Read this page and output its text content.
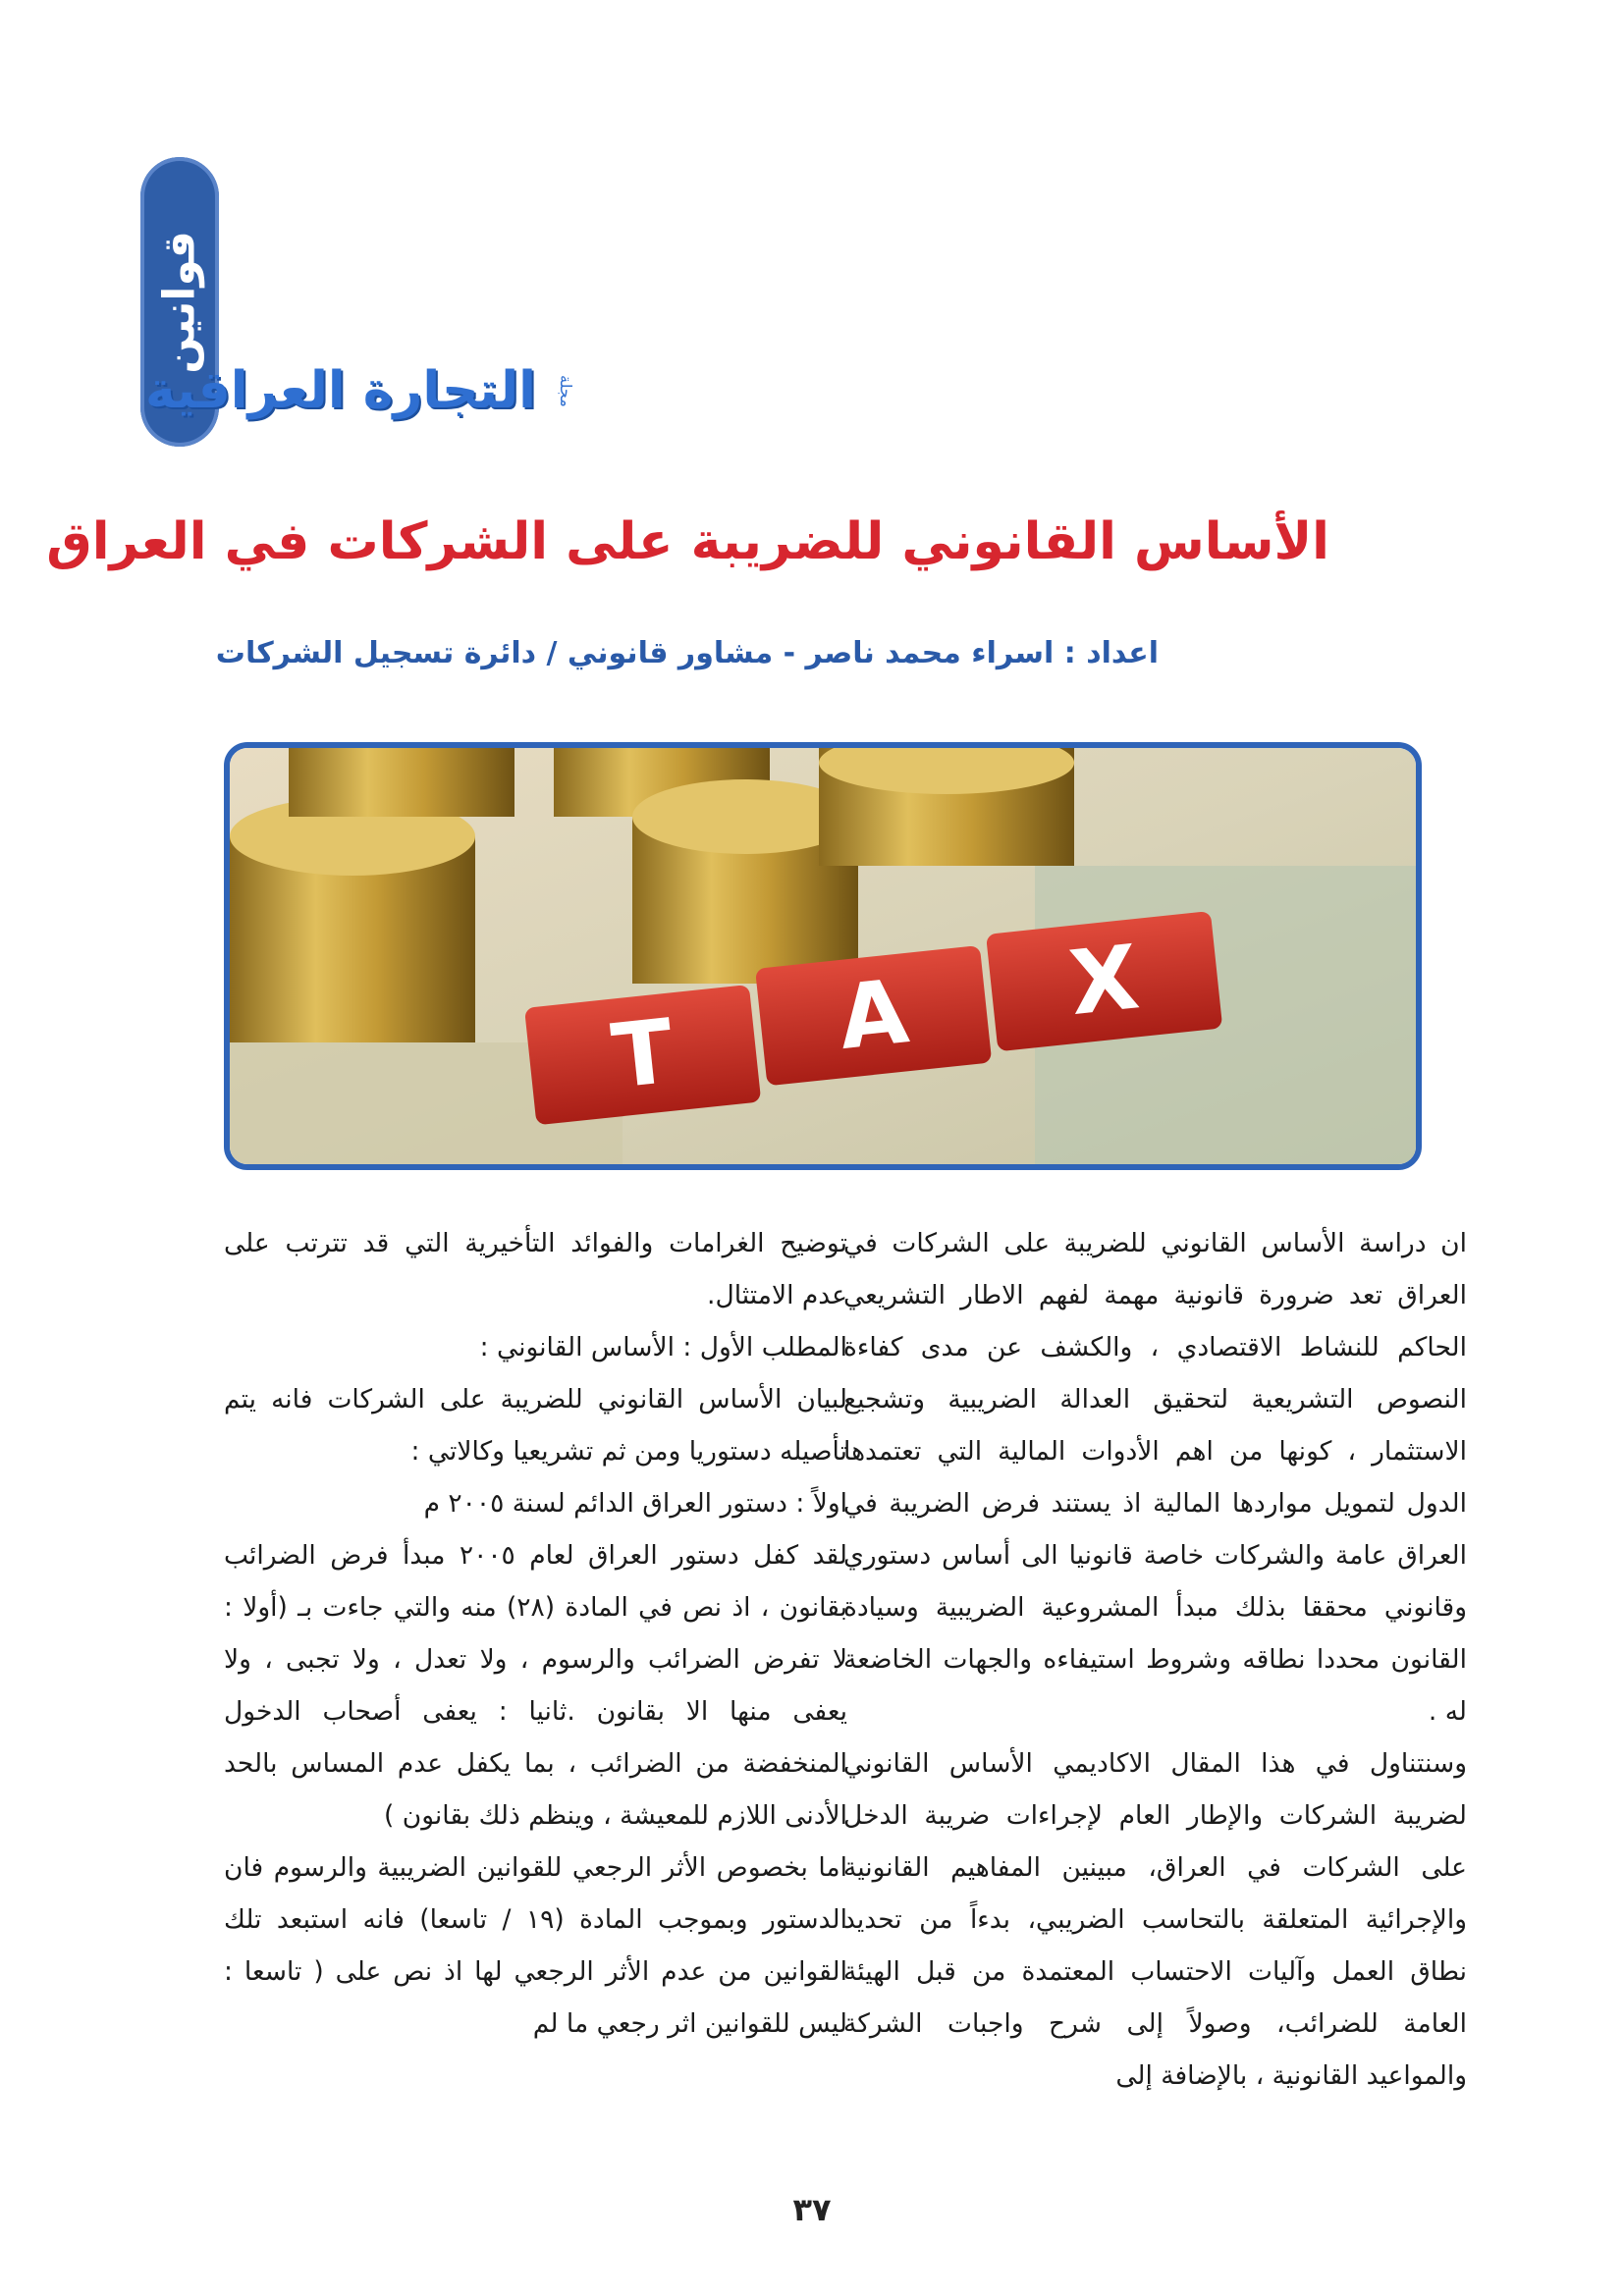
قوانين
مجلة
التجارة العراقية
الأساس القانوني للضريبة على الشركات في العراق
اعداد : اسراء محمد ناصر - مشاور قانوني / دائرة تسجيل الشركات
T A X

ان دراسة الأساس القانوني للضريبة على الشركات في العراق تعد ضرورة قانونية مهمة لفهم الاطار التشريعي الحاكم للنشاط الاقتصادي ، والكشف عن مدى كفاءة النصوص التشريعية لتحقيق العدالة الضريبية وتشجيع الاستثمار ، كونها من اهم الأدوات المالية التي تعتمدها الدول لتمويل مواردها المالية اذ يستند فرض الضريبة في العراق عامة والشركات خاصة قانونيا الى أساس دستوري وقانوني محققا بذلك مبدأ المشروعية الضريبية وسيادة القانون محددا نطاقه وشروط استيفاءه والجهات الخاضعة له .

وسنتناول في هذا المقال الاكاديمي الأساس القانوني لضريبة الشركات والإطار العام لإجراءات ضريبة الدخل على الشركات في العراق، مبينين المفاهيم القانونية والإجرائية المتعلقة بالتحاسب الضريبي، بدءاً من تحديد نطاق العمل وآليات الاحتساب المعتمدة من قبل الهيئة العامة للضرائب، وصولاً إلى شرح واجبات الشركة والمواعيد القانونية ، بالإضافة إلى

توضيح الغرامات والفوائد التأخيرية التي قد تترتب على عدم الامتثال.

المطلب الأول : الأساس القانوني :

لبيان الأساس القانوني للضريبة على الشركات فانه يتم تأصيله دستوريا ومن ثم تشريعيا وكالاتي :

اولاً : دستور العراق الدائم لسنة ٢٠٠٥ م

لقد كفل دستور العراق لعام ٢٠٠٥ مبدأ فرض الضرائب بقانون ، اذ نص في المادة (٢٨) منه والتي جاءت بـ (أولا : لا تفرض الضرائب والرسوم ، ولا تعدل ، ولا تجبى ، ولا يعفى منها الا بقانون .ثانيا : يعفى أصحاب الدخول المنخفضة من الضرائب ، بما يكفل عدم المساس بالحد الأدنى اللازم للمعيشة ، وينظم ذلك بقانون )

اما بخصوص الأثر الرجعي للقوانين الضريبية والرسوم فان الدستور وبموجب المادة (١٩ / تاسعا) فانه استبعد تلك القوانين من عدم الأثر الرجعي لها اذ نص على ( تاسعا : ليس للقوانين اثر رجعي ما لم

٣٧
